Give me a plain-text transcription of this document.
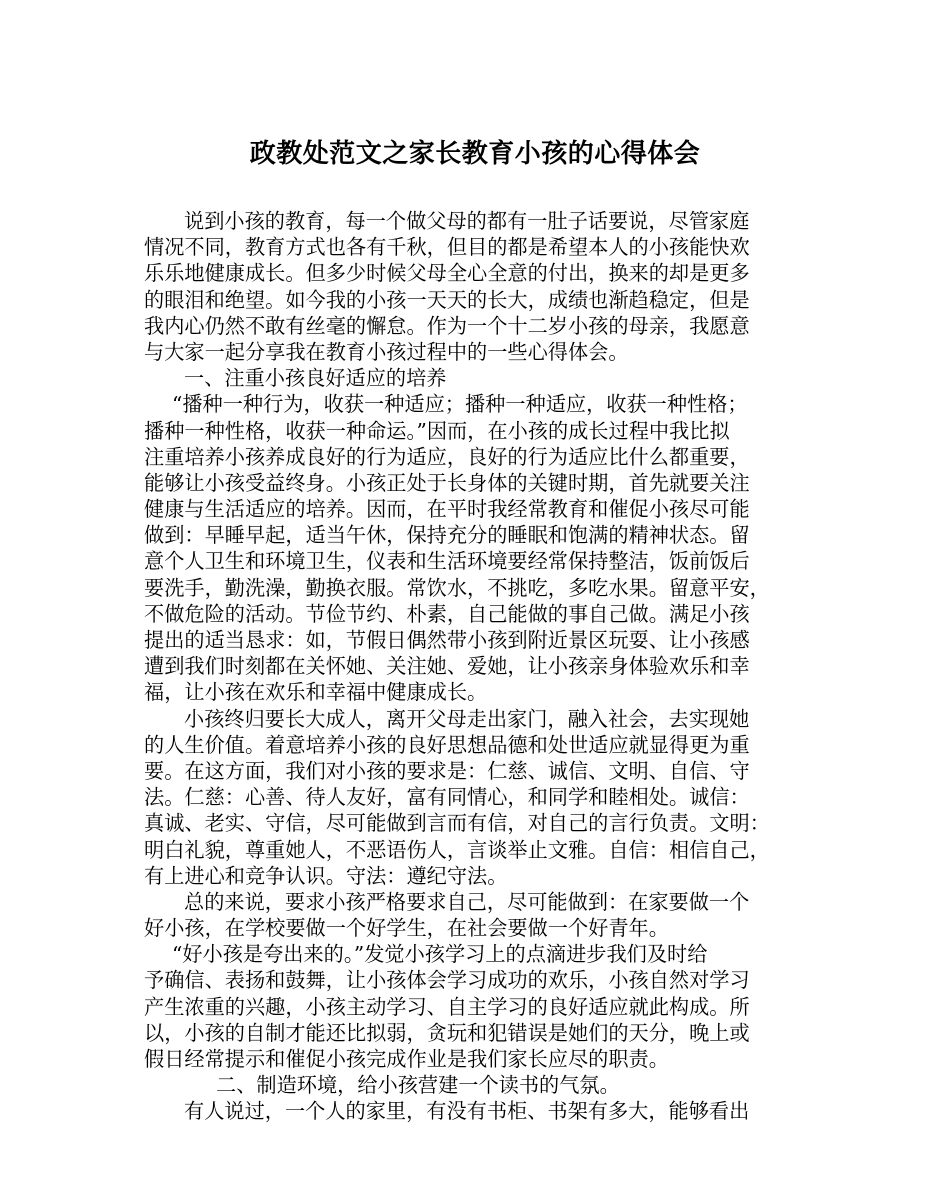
政教处范文之家长教育小孩的心得体会
说到小孩的教育，每一个做父母的都有一肚子话要说，尽管家庭
情况不同，教育方式也各有千秋，但目的都是希望本人的小孩能快欢
乐乐地健康成长。但多少时候父母全心全意的付出，换来的却是更多
的眼泪和绝望。如今我的小孩一天天的长大，成绩也渐趋稳定，但是
我内心仍然不敢有丝毫的懈怠。作为一个十二岁小孩的母亲，我愿意
与大家一起分享我在教育小孩过程中的一些心得体会。
一、注重小孩良好适应的培养
“播种一种行为，收获一种适应；播种一种适应，收获一种性格；
播种一种性格，收获一种命运。”因而，在小孩的成长过程中我比拟
注重培养小孩养成良好的行为适应，良好的行为适应比什么都重要，
能够让小孩受益终身。小孩正处于长身体的关键时期，首先就要关注
健康与生活适应的培养。因而，在平时我经常教育和催促小孩尽可能
做到：早睡早起，适当午休，保持充分的睡眠和饱满的精神状态。留
意个人卫生和环境卫生，仪表和生活环境要经常保持整洁，饭前饭后
要洗手，勤洗澡，勤换衣服。常饮水，不挑吃，多吃水果。留意平安，
不做危险的活动。节俭节约、朴素，自己能做的事自己做。满足小孩
提出的适当恳求：如，节假日偶然带小孩到附近景区玩耍、让小孩感
遭到我们时刻都在关怀她、关注她、爱她，让小孩亲身体验欢乐和幸
福，让小孩在欢乐和幸福中健康成长。
小孩终归要长大成人，离开父母走出家门，融入社会，去实现她
的人生价值。着意培养小孩的良好思想品德和处世适应就显得更为重
要。在这方面，我们对小孩的要求是：仁慈、诚信、文明、自信、守
法。仁慈：心善、待人友好，富有同情心，和同学和睦相处。诚信：
真诚、老实、守信，尽可能做到言而有信，对自己的言行负责。文明：
明白礼貌，尊重她人，不恶语伤人，言谈举止文雅。自信：相信自己，
有上进心和竞争认识。守法：遵纪守法。
总的来说，要求小孩严格要求自己，尽可能做到：在家要做一个
好小孩，在学校要做一个好学生，在社会要做一个好青年。
“好小孩是夸出来的。”发觉小孩学习上的点滴进步我们及时给
予确信、表扬和鼓舞，让小孩体会学习成功的欢乐，小孩自然对学习
产生浓重的兴趣，小孩主动学习、自主学习的良好适应就此构成。所
以，小孩的自制才能还比拟弱，贪玩和犯错误是她们的天分，晚上或
假日经常提示和催促小孩完成作业是我们家长应尽的职责。
二、制造环境，给小孩营建一个读书的气氛。
有人说过，一个人的家里，有没有书柜、书架有多大，能够看出
